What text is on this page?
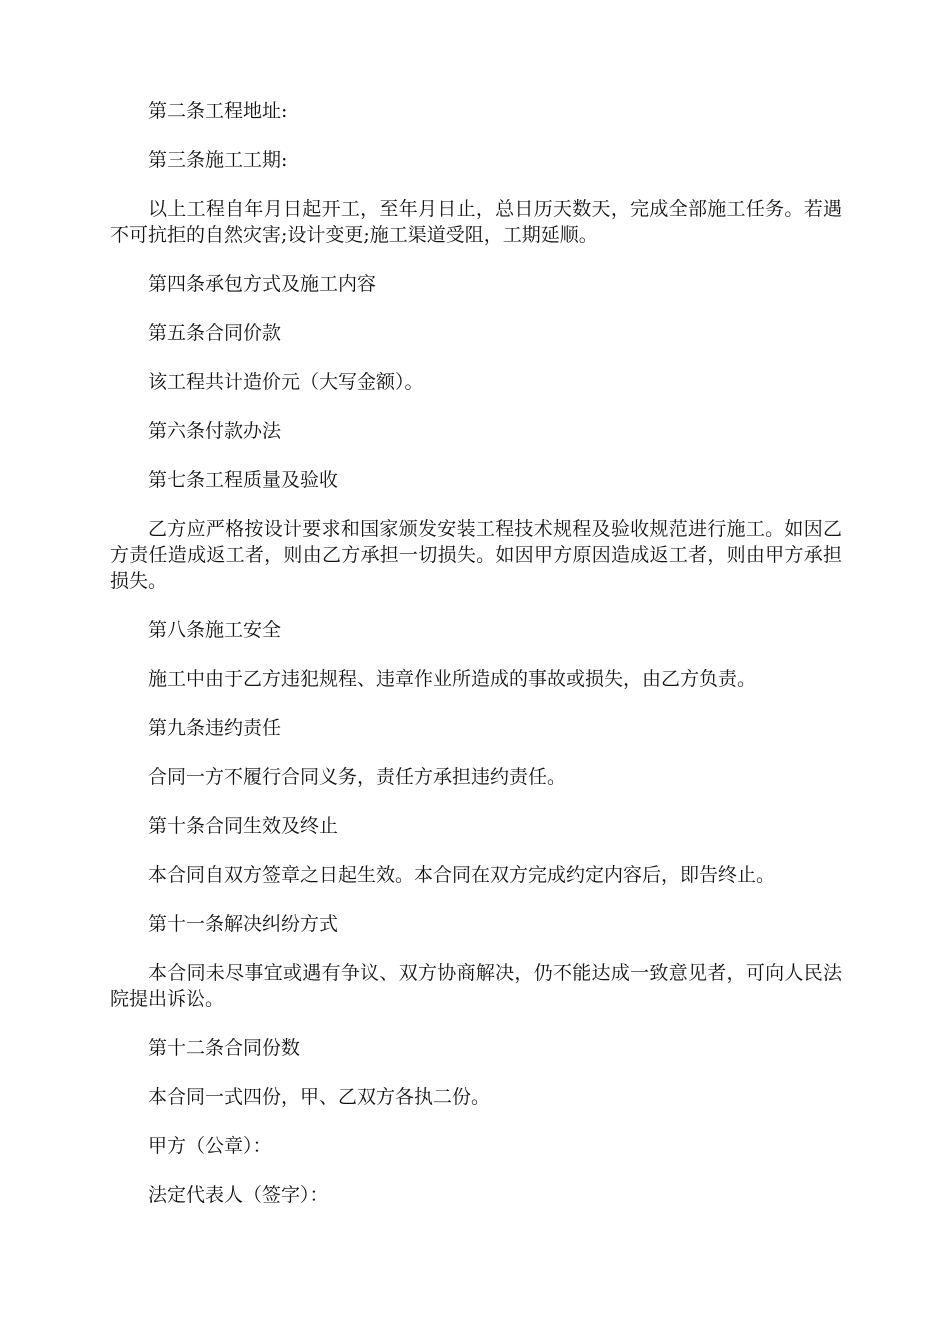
第二条工程地址:

第三条施工工期:

以上工程自年月日起开工，至年月日止，总日历天数天，完成全部施工任务。若遇不可抗拒的自然灾害;设计变更;施工渠道受阻，工期延顺。

第四条承包方式及施工内容

第五条合同价款

该工程共计造价元（大写金额）。

第六条付款办法

第七条工程质量及验收

乙方应严格按设计要求和国家颁发安装工程技术规程及验收规范进行施工。如因乙方责任造成返工者，则由乙方承担一切损失。如因甲方原因造成返工者，则由甲方承担损失。

第八条施工安全

施工中由于乙方违犯规程、违章作业所造成的事故或损失，由乙方负责。

第九条违约责任

合同一方不履行合同义务，责任方承担违约责任。

第十条合同生效及终止

本合同自双方签章之日起生效。本合同在双方完成约定内容后，即告终止。

第十一条解决纠纷方式

本合同未尽事宜或遇有争议、双方协商解决，仍不能达成一致意见者，可向人民法院提出诉讼。

第十二条合同份数

本合同一式四份，甲、乙双方各执二份。

甲方（公章）：

法定代表人（签字）：
